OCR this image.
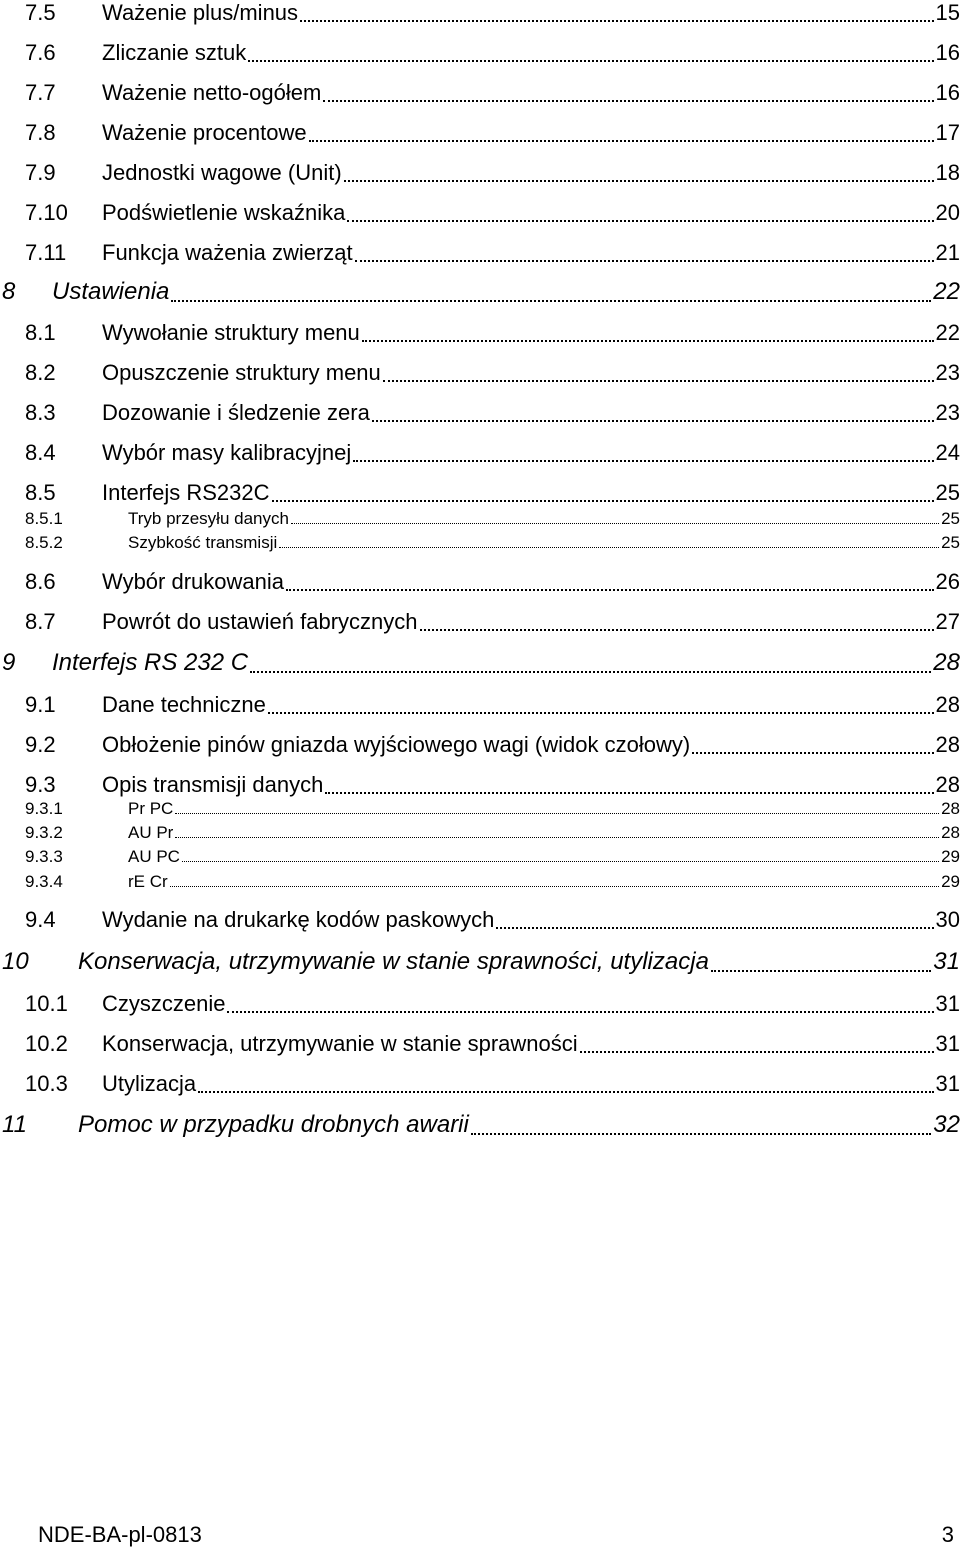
7.5 Ważenie plus/minus	15
7.6 Zliczanie sztuk	16
7.7 Ważenie netto-ogółem	16
7.8 Ważenie procentowe	17
7.9 Jednostki wagowe (Unit)	18
7.10 Podświetlenie wskaźnika	20
7.11 Funkcja ważenia zwierząt	21
8 Ustawienia	22
8.1 Wywołanie struktury menu	22
8.2 Opuszczenie struktury menu	23
8.3 Dozowanie i śledzenie zera	23
8.4 Wybór masy kalibracyjnej	24
8.5 Interfejs RS232C	25
8.5.1	Tryb przesyłu danych	25
8.5.2	Szybkość transmisji	25
8.6 Wybór drukowania	26
8.7 Powrót do ustawień fabrycznych	27
9 Interfejs RS 232 C	28
9.1 Dane techniczne	28
9.2 Obłożenie pinów gniazda wyjściowego wagi (widok czołowy)	28
9.3 Opis transmisji danych	28
9.3.1	Pr PC	28
9.3.2	AU Pr	28
9.3.3	AU PC	29
9.3.4	rE Cr	29
9.4 Wydanie na drukarkę kodów paskowych	30
10 Konserwacja, utrzymywanie w stanie sprawności, utylizacja	31
10.1 Czyszczenie	31
10.2 Konserwacja, utrzymywanie w stanie sprawności	31
10.3 Utylizacja	31
11 Pomoc w przypadku drobnych awarii	32
NDE-BA-pl-0813	3
